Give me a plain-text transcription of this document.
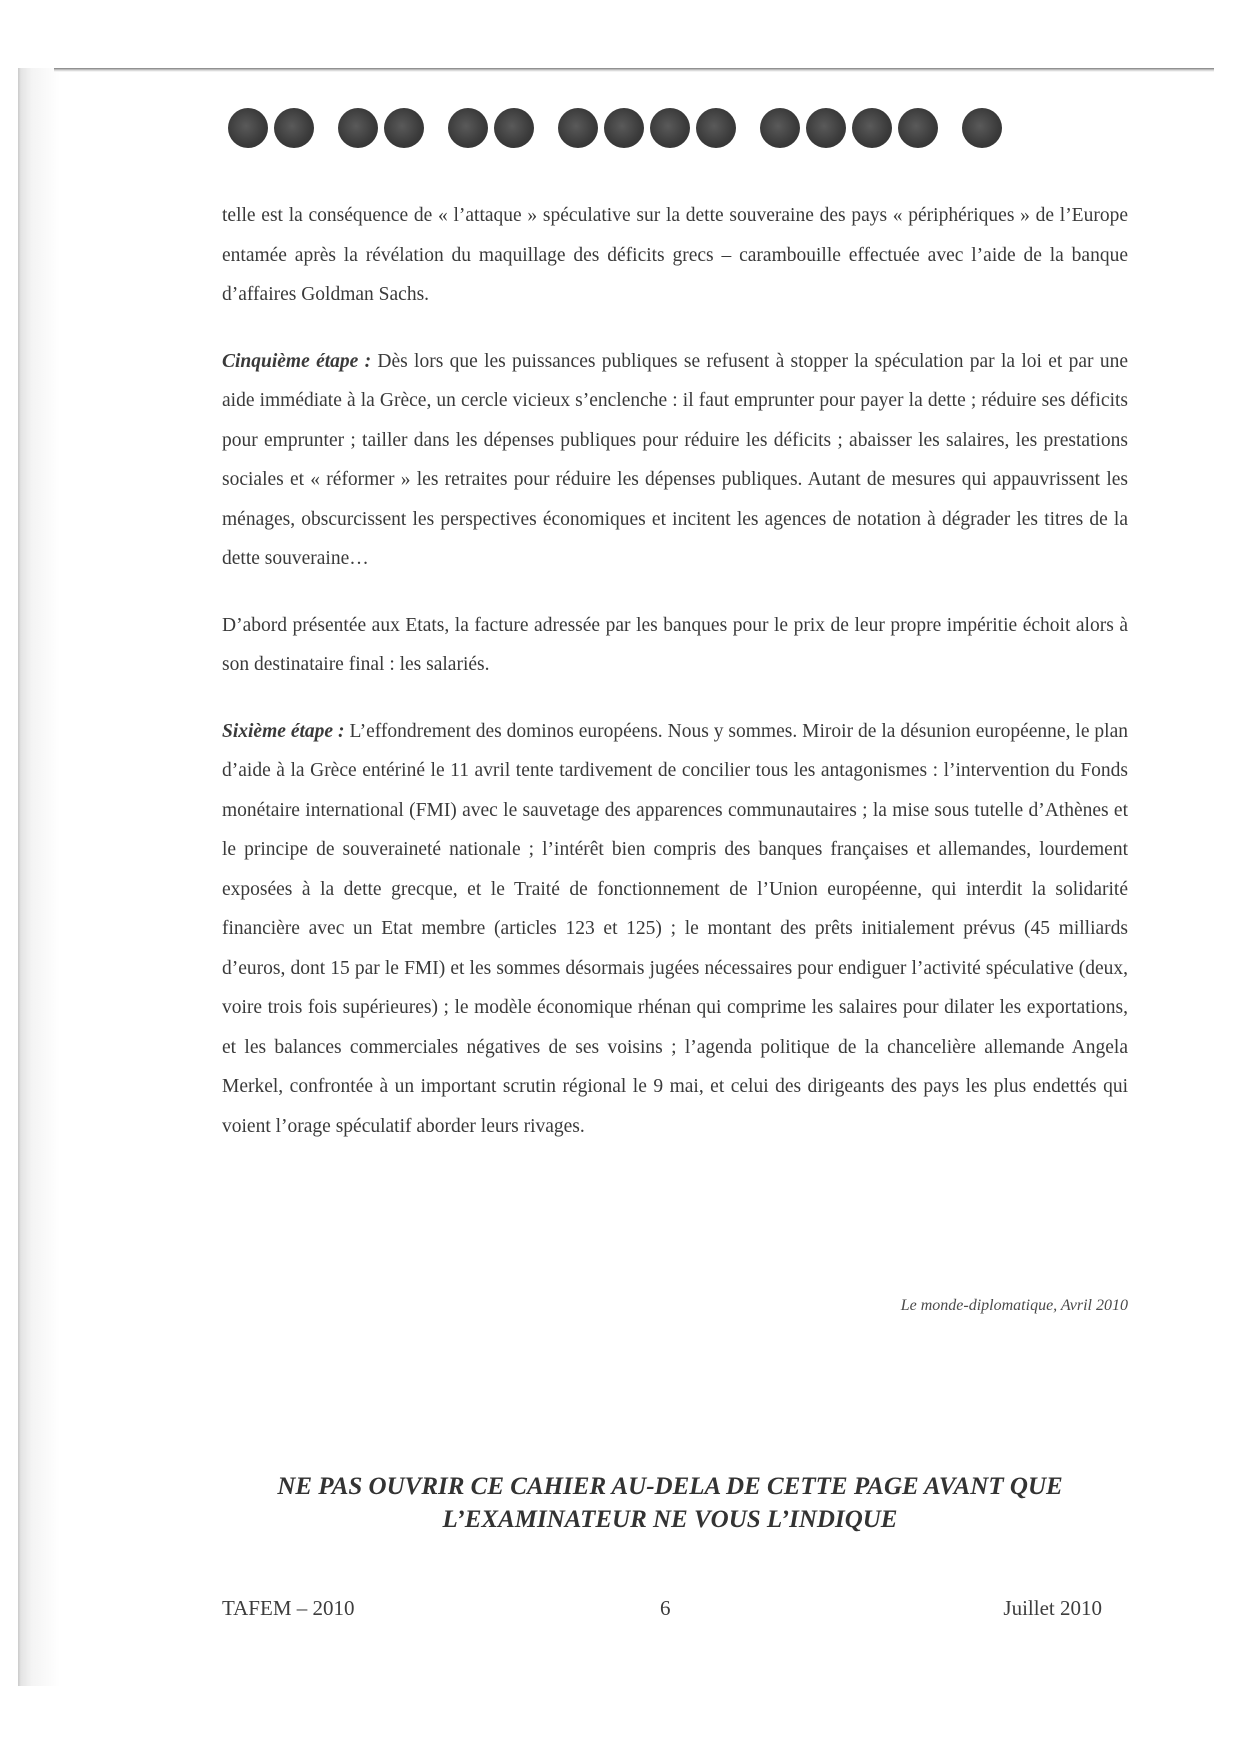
telle est la conséquence de « l’attaque » spéculative sur la dette souveraine des pays « périphériques » de l’Europe entamée après la révélation du maquillage des déficits grecs – carambouille effectuée avec l’aide de la banque d’affaires Goldman Sachs.

Cinquième étape : Dès lors que les puissances publiques se refusent à stopper la spéculation par la loi et par une aide immédiate à la Grèce, un cercle vicieux s’enclenche : il faut emprunter pour payer la dette ; réduire ses déficits pour emprunter ; tailler dans les dépenses publiques pour réduire les déficits ; abaisser les salaires, les prestations sociales et « réformer » les retraites pour réduire les dépenses publiques. Autant de mesures qui appauvrissent les ménages, obscurcissent les perspectives économiques et incitent les agences de notation à dégrader les titres de la dette souveraine…

D’abord présentée aux Etats, la facture adressée par les banques pour le prix de leur propre impéritie échoit alors à son destinataire final : les salariés.

Sixième étape : L’effondrement des dominos européens. Nous y sommes. Miroir de la désunion européenne, le plan d’aide à la Grèce entériné le 11 avril tente tardivement de concilier tous les antagonismes : l’intervention du Fonds monétaire international (FMI) avec le sauvetage des apparences communautaires ; la mise sous tutelle d’Athènes et le principe de souveraineté nationale ; l’intérêt bien compris des banques françaises et allemandes, lourdement exposées à la dette grecque, et le Traité de fonctionnement de l’Union européenne, qui interdit la solidarité financière avec un Etat membre (articles 123 et 125) ; le montant des prêts initialement prévus (45 milliards d’euros, dont 15 par le FMI) et les sommes désormais jugées nécessaires pour endiguer l’activité spéculative (deux, voire trois fois supérieures) ; le modèle économique rhénan qui comprime les salaires pour dilater les exportations, et les balances commerciales négatives de ses voisins ; l’agenda politique de la chancelière allemande Angela Merkel, confrontée à un important scrutin régional le 9 mai, et celui des dirigeants des pays les plus endettés qui voient l’orage spéculatif aborder leurs rivages.

Le monde-diplomatique, Avril 2010
NE PAS OUVRIR CE CAHIER AU-DELA DE CETTE PAGE AVANT QUE
L’EXAMINATEUR NE VOUS L’INDIQUE
TAFEM – 2010	6	Juillet 2010
